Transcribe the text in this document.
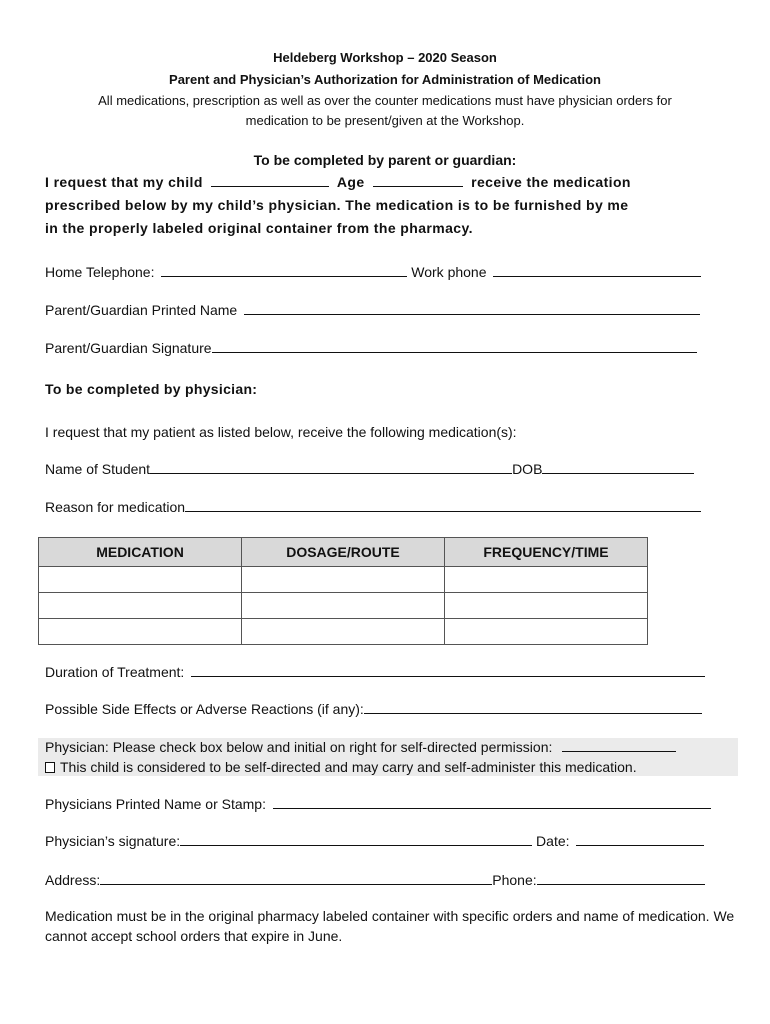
Heldeberg Workshop – 2020 Season
Parent and Physician’s Authorization for Administration of Medication
All medications, prescription as well as over the counter medications must have physician orders for
medication to be present/given at the Workshop.
To be completed by parent or guardian:
I request that my child	Age	receive the medication
prescribed below by my child’s physician. The medication is to be furnished by me
in the properly labeled original container from the pharmacy.
Home Telephone:	Work phone
Parent/Guardian Printed Name
Parent/Guardian Signature
To be completed by physician:
I request that my patient as listed below, receive the following medication(s):
Name of Student	DOB
Reason for medication
MEDICATION	DOSAGE/ROUTE	FREQUENCY/TIME

Duration of Treatment:
Possible Side Effects or Adverse Reactions (if any):
Physician: Please check box below and initial on right for self-directed permission:
This child is considered to be self-directed and may carry and self-administer this medication.
Physicians Printed Name or Stamp:
Physician’s signature:	Date:
Address:	Phone:
Medication must be in the original pharmacy labeled container with specific orders and name of medication. We
cannot accept school orders that expire in June.
